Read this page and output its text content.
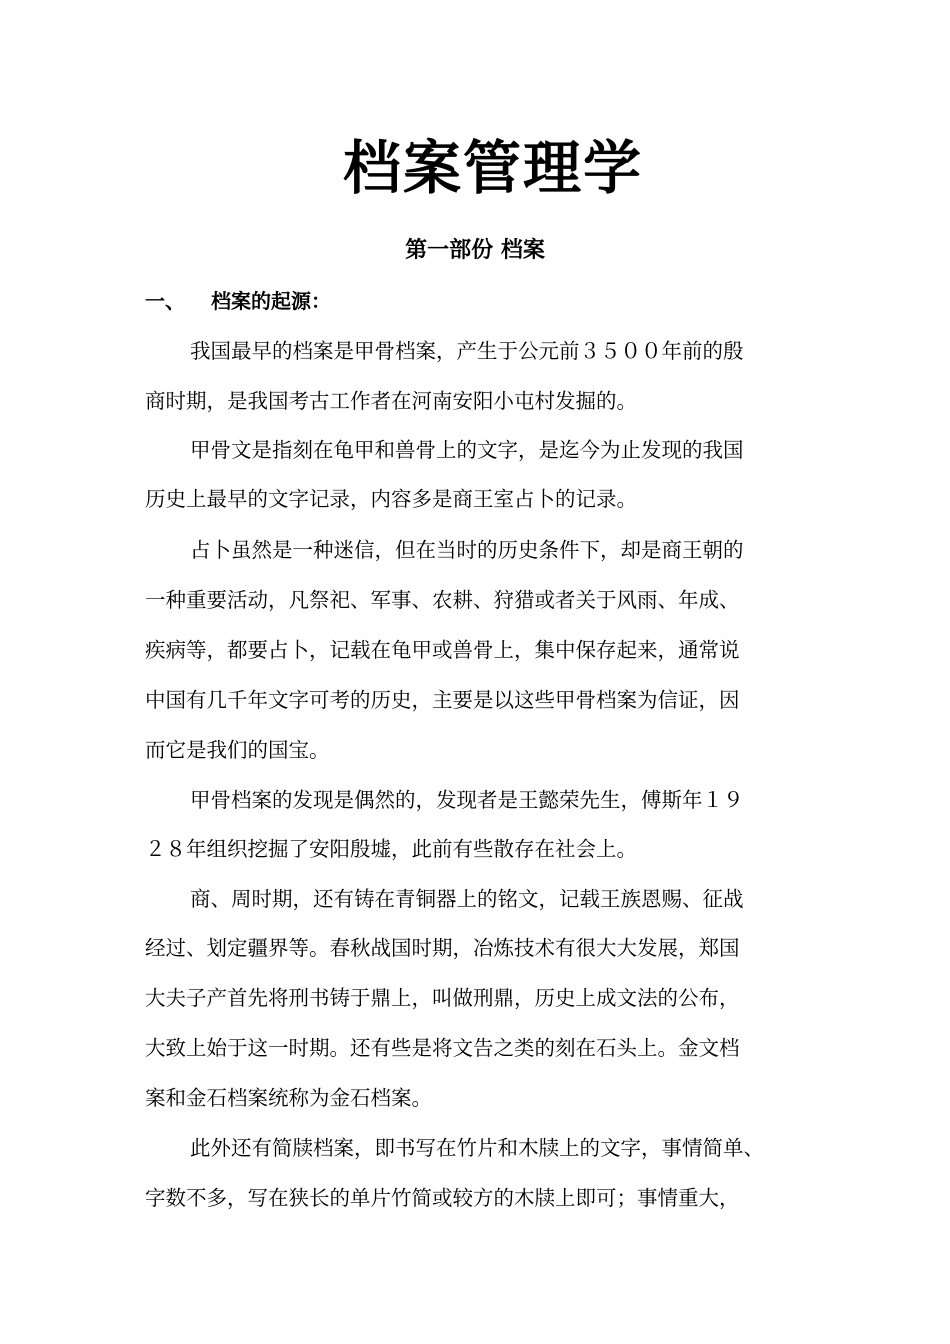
档案管理学
第一部份 档案
一、 档案的起源：

我国最早的档案是甲骨档案，产生于公元前３５００年前的殷

商时期，是我国考古工作者在河南安阳小屯村发掘的。

甲骨文是指刻在龟甲和兽骨上的文字，是迄今为止发现的我国

历史上最早的文字记录，内容多是商王室占卜的记录。

占卜虽然是一种迷信，但在当时的历史条件下，却是商王朝的

一种重要活动，凡祭祀、军事、农耕、狩猎或者关于风雨、年成、

疾病等，都要占卜，记载在龟甲或兽骨上，集中保存起来，通常说

中国有几千年文字可考的历史，主要是以这些甲骨档案为信证，因

而它是我们的国宝。

甲骨档案的发现是偶然的，发现者是王懿荣先生，傅斯年１９

２８年组织挖掘了安阳殷墟，此前有些散存在社会上。

商、周时期，还有铸在青铜器上的铭文，记载王族恩赐、征战

经过、划定疆界等。春秋战国时期，冶炼技术有很大大发展，郑国

大夫子产首先将刑书铸于鼎上，叫做刑鼎，历史上成文法的公布，

大致上始于这一时期。还有些是将文告之类的刻在石头上。金文档

案和金石档案统称为金石档案。

此外还有简牍档案，即书写在竹片和木牍上的文字，事情简单、

字数不多，写在狭长的单片竹简或较方的木牍上即可；事情重大，
